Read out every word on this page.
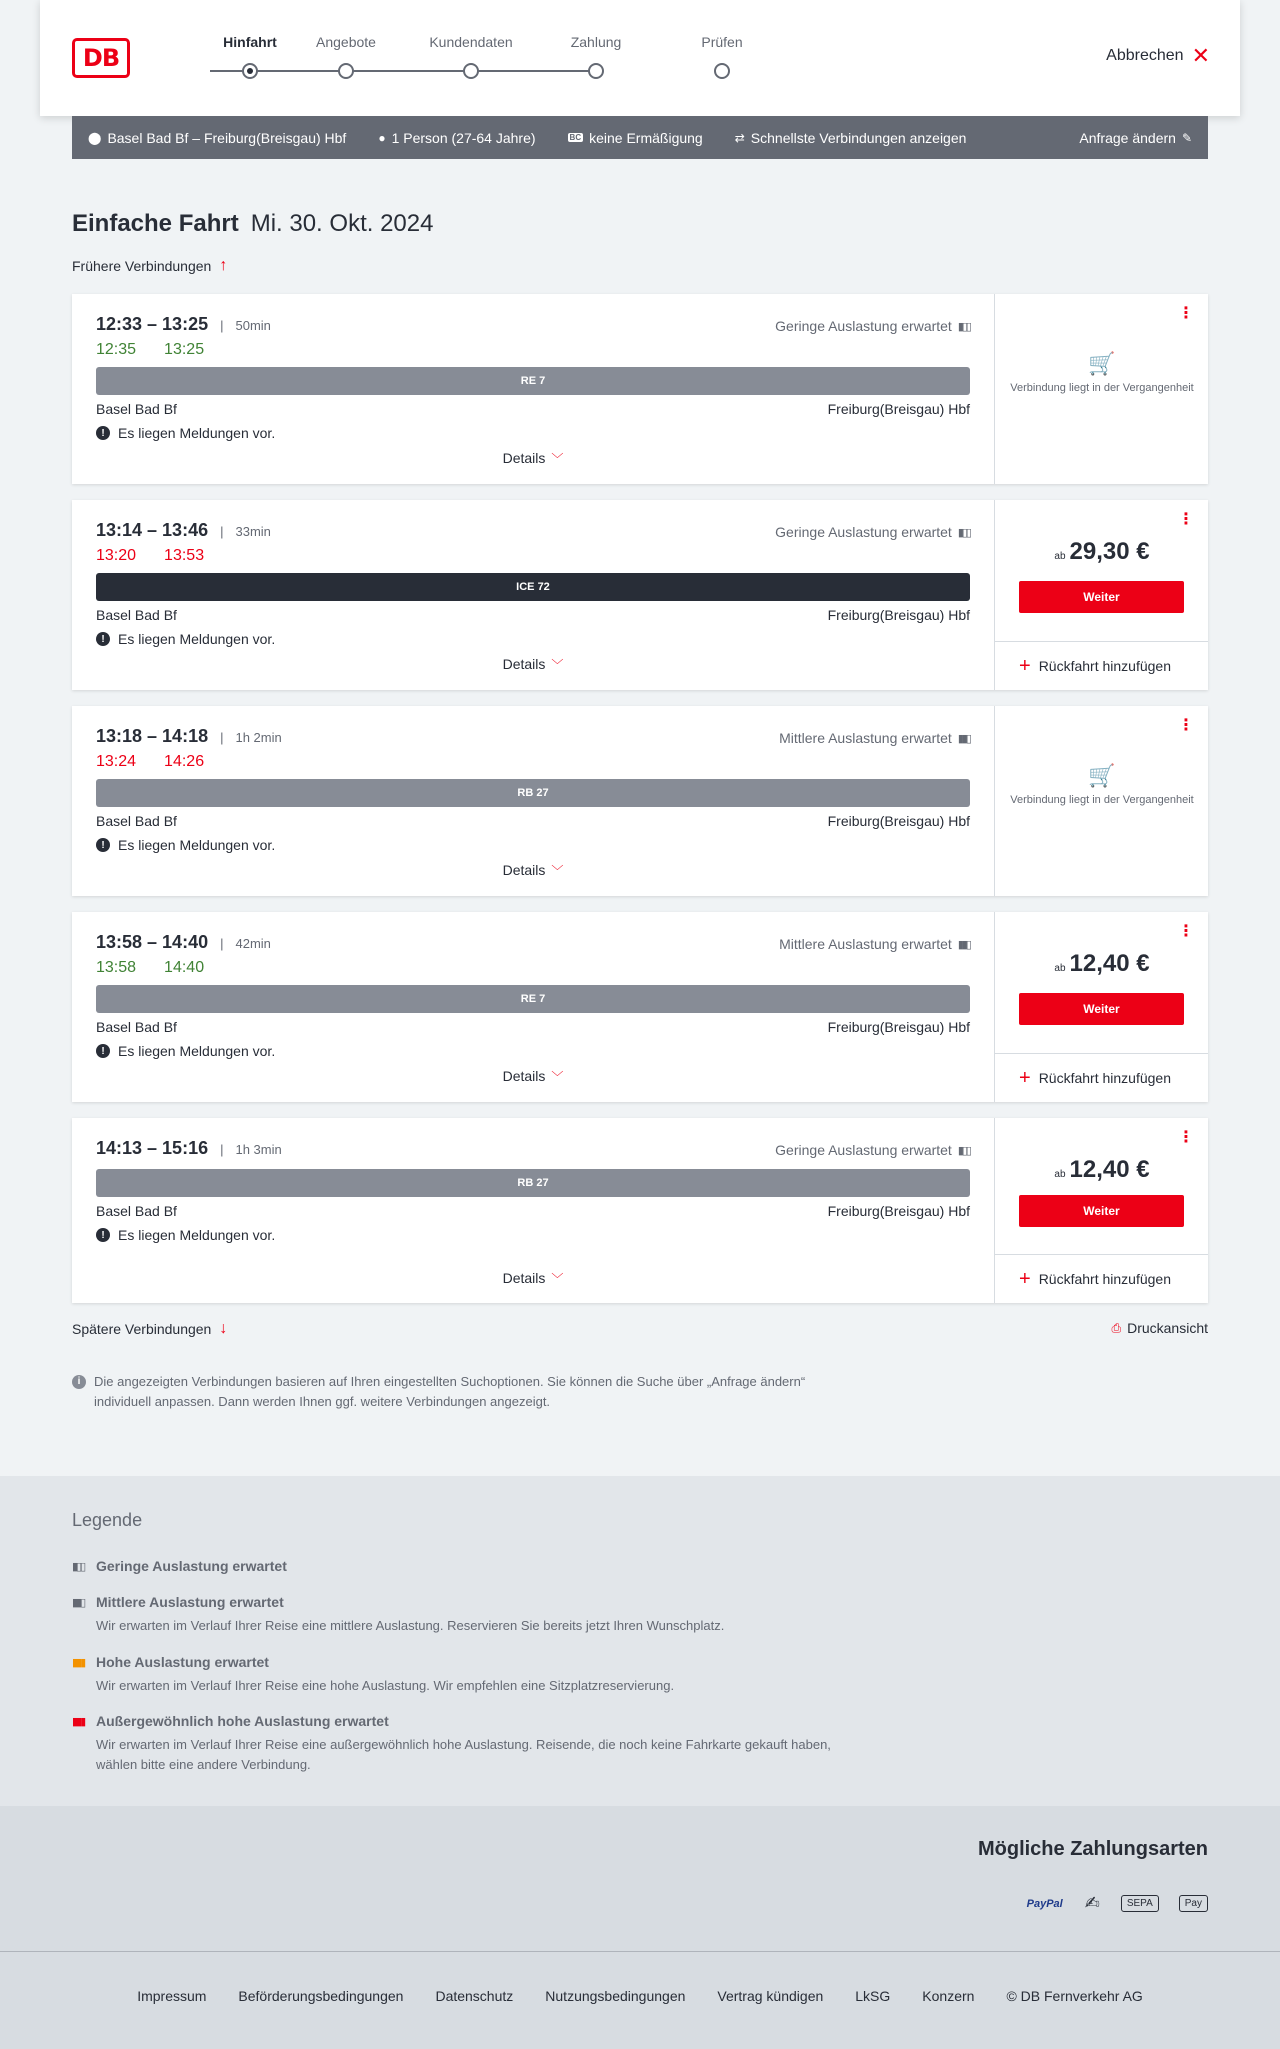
DB
Hinfahrt	Angebote	Kundendaten	Zahlung	Prüfen
Abbrechen ✕
⬤ Basel Bad Bf – Freiburg(Breisgau) Hbf	● 1 Person (27-64 Jahre)	BC keine Ermäßigung	⇄ Schnellste Verbindungen anzeigen	Anfrage ändern ✎
Einfache Fahrt Mi. 30. Okt. 2024
Frühere Verbindungen ↑
12:33 – 13:25	| 50min	Geringe Auslastung erwartet ▮▯▯
12:35 13:25
RE 7
Basel Bad Bf	Freiburg(Breisgau) Hbf
! Es liegen Meldungen vor.
Details ﹀
⋮
🛒
Verbindung liegt in der Vergangenheit
13:14 – 13:46	| 33min	Geringe Auslastung erwartet ▮▯▯
13:20 13:53
ICE 72
Basel Bad Bf	Freiburg(Breisgau) Hbf
! Es liegen Meldungen vor.
Details ﹀
⋮
ab 29,30 €
Weiter
+ Rückfahrt hinzufügen
13:18 – 14:18	| 1h 2min	Mittlere Auslastung erwartet ▮▮▯
13:24 14:26
RB 27
Basel Bad Bf	Freiburg(Breisgau) Hbf
! Es liegen Meldungen vor.
Details ﹀
⋮
🛒
Verbindung liegt in der Vergangenheit
13:58 – 14:40	| 42min	Mittlere Auslastung erwartet ▮▮▯
13:58 14:40
RE 7
Basel Bad Bf	Freiburg(Breisgau) Hbf
! Es liegen Meldungen vor.
Details ﹀
⋮
ab 12,40 €
Weiter
+ Rückfahrt hinzufügen
14:13 – 15:16	| 1h 3min	Geringe Auslastung erwartet ▮▯▯
RB 27
Basel Bad Bf	Freiburg(Breisgau) Hbf
! Es liegen Meldungen vor.
Details ﹀
⋮
ab 12,40 €
Weiter
+ Rückfahrt hinzufügen
Spätere Verbindungen ↓	⎙ Druckansicht
i	Die angezeigten Verbindungen basieren auf Ihren eingestellten Suchoptionen. Sie können die Suche über „Anfrage ändern“ individuell anpassen. Dann werden Ihnen ggf. weitere Verbindungen angezeigt.
Legende
▮▯▯ Geringe Auslastung erwartet
▮▮▯ Mittlere Auslastung erwartet
Wir erwarten im Verlauf Ihrer Reise eine mittlere Auslastung. Reservieren Sie bereits jetzt Ihren Wunschplatz.
▮▮▮ Hohe Auslastung erwartet
Wir erwarten im Verlauf Ihrer Reise eine hohe Auslastung. Wir empfehlen eine Sitzplatzreservierung.
▮▮▮ Außergewöhnlich hohe Auslastung erwartet
Wir erwarten im Verlauf Ihrer Reise eine außergewöhnlich hohe Auslastung. Reisende, die noch keine Fahrkarte gekauft haben, wählen bitte eine andere Verbindung.
Mögliche Zahlungsarten
PayPal ✍	SEPA	Pay
Impressum Beförderungsbedingungen Datenschutz Nutzungsbedingungen Vertrag kündigen LkSG Konzern © DB Fernverkehr AG
